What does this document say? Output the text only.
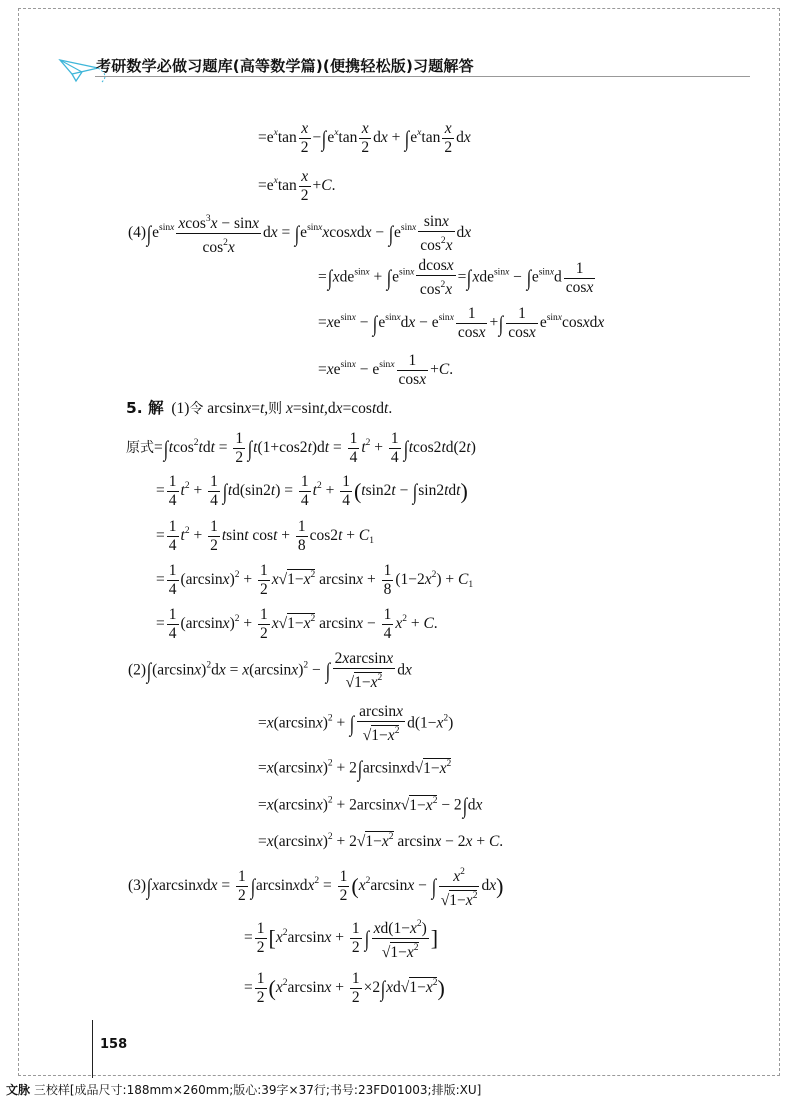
考研数学必做习题库(高等数学篇)(便携轻松版)习题解答
$=e^x\tan \frac{x}{2} -\int e^x\tan \frac{x}{2}$ dx + $\int e^x\tan \frac{x}{2}$ dx
$=e^x\tan \frac{x}{2} +C$.
$(4)\int e^{sinx} \frac{xcos^3x - \sin x}{\cos^2x}$ dx = $\int e^{sinx}xcosxdx - \int e^{sinx} \frac{\sin x}{\cos^2x}$ dx
$=\int xde^{sinx} + \int e^{sinx} \frac{dcosx}{\cos^2x} =\int xde^{sinx} - \int e^{sinx}d \frac{1}{\cos x}$
$=xe^{sinx} - \int e^{sinx}dx - e^{sinx} \frac{1}{\cos x}$ +∫ $\frac{1}{\cos x}$ $e^{sinx}cosxdx$
$=xe^{sinx} - e^{sinx} \frac{1}{\cos x} +C$.
5. 解  (1)令 arcsinx=t,则 x=sint,dx=costdt.
原式$=\int tcos^2tdt = \frac{1}{2} \int t(1+\cos 2t)dt = \frac{1}{4} t^2 + \frac{1}{4} \int tcos2td(2t)$
= $\frac{1}{4} t^2 + \frac{1}{4} \int td(\sin 2t) = \frac{1}{4} t^2 + \frac{1}{4} (tsin2t - \int\sin 2tdt)$
= $\frac{1}{4} t^2 + \frac{1}{2}$ tsint $\cos t + \frac{1}{8} \cos 2t + C_1$
= $\frac{1}{4} (\arcsin x)^2 + \frac{1}{2} x√1-x^2$ $\arcsin x + \frac{1}{8} (1-2x^2) + C_1$
= $\frac{1}{4} (\arcsin x)^2 + \frac{1}{2} x√1-x^2$ $\arcsin x - \frac{1}{4} x^2 + C$.
$(2)\int(\arcsin x)^2dx = x(\arcsin x)^2$ − ∫ $\frac{2xarcsinx}{√1-x^2}$ dx
$=x(\arcsin x)^2$ + ∫ $\frac{\arcsin x}{√1-x^2} d(1-x^2)$
$=x(\arcsin x)^2$ + $2\int arcsinxd√1-x^2$
$=x(\arcsin x)^2 + 2\arcsin x√1-x^2 - 2\int dx$
$=x(\arcsin x)^2 + 2√1-x^2$ arcsinx − 2x + C.
(3)∫xarcsinxdx = $\frac{1}{2}$ ∫arcsinxdx$^2$ = $\frac{1}{2} (x^2\arcsin x$ − ∫ $\frac{x^2}{√1-x^2} dx$)
= $\frac{1}{2} [x^2\arcsin x + \frac{1}{2}$ ∫ $\frac{xd(1-x^2)}{√1-x^2}$ ]
= $\frac{1}{2} (x^2\arcsin x + \frac{1}{2} \times 2\int xd√1-x^2)$
158
文脉 三校样[成品尺寸:188mm×260mm;版心:39字×37行;书号:23FD01003;排版:XU]
